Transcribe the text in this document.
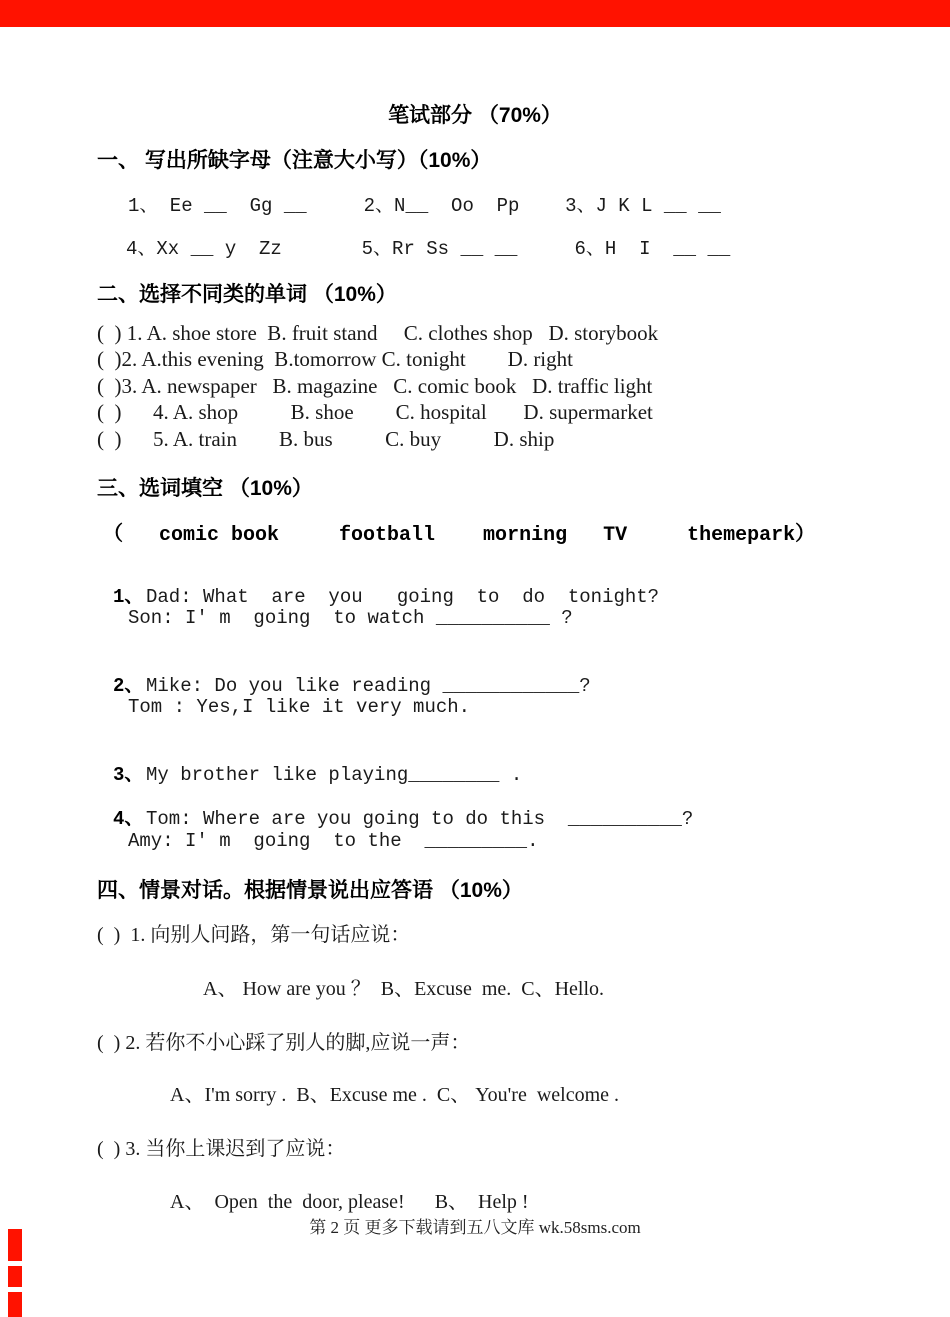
笔试部分 （70%）
一、 写出所缺字母（注意大小写）（10%）
1、 Ee __  Gg __     2、N__  Oo  Pp    3、J K L __ __
4、Xx __ y  Zz       5、Rr Ss __ __     6、H  I  __ __
二、选择不同类的单词 （10%）
(  ) 1. A. shoe store  B. fruit stand     C. clothes shop   D. storybook
(  )2. A.this evening  B.tomorrow C. tonight        D. right
(  )3. A. newspaper   B. magazine   C. comic book   D. traffic light
(  )      4. A. shop          B. shoe        C. hospital       D. supermarket
(  )      5. A. train        B. bus          C. buy          D. ship
三、选词填空 （10%）
（   comic book     football    morning   TV     themepark）

1、 Dad: What  are  you   going  to  do  tonight?

Son: I' m  going  to watch __________ ?

2、 Mike: Do you like reading ____________?

Tom : Yes,I like it very much.

3、 My brother like playing________ .

4、 Tom: Where are you going to do this  __________?

Amy: I' m  going  to the  _________.
四、情景对话。根据情景说出应答语 （10%）
(  )  1. 向别人问路，第一句话应说：
A、 How are you ？  B、Excuse  me.  C、Hello.
(  ) 2. 若你不小心踩了别人的脚,应说一声：
A、I'm sorry .  B、Excuse me .  C、 You're  welcome .
(  ) 3. 当你上课迟到了应说：
A、  Open  the  door, please!      B、  Help !
第 2 页 更多下载请到五八文库 wk.58sms.com
